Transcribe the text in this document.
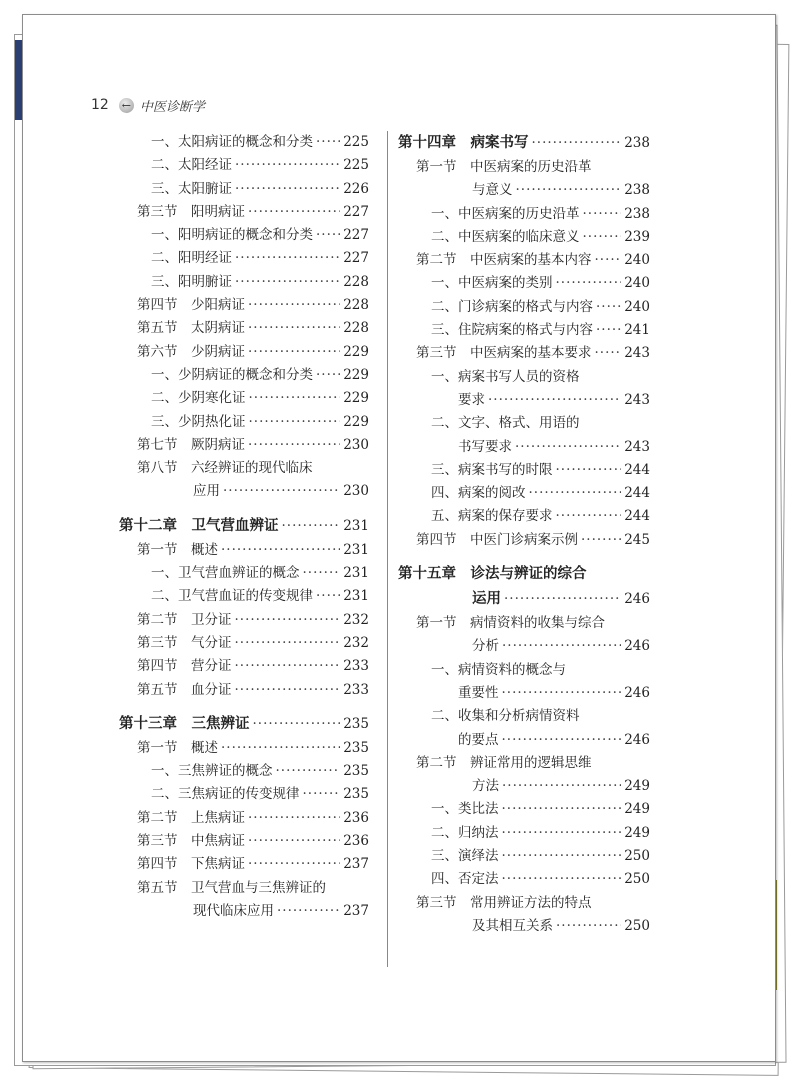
12 ← 中医诊断学
一、太阳病证的概念和分类 ····· 225
二、太阳经证 ·····	225
三、太阳腑证 ·····	226
第三节　阳明病证 ·····	227
一、阳明病证的概念和分类 ····· 227
二、阳明经证 ·····	227
三、阳明腑证 ·····	228
第四节　少阳病证 ·····	228
第五节　太阴病证 ·····	228
第六节　少阴病证 ·····	229
一、少阴病证的概念和分类 ····· 229
二、少阴寒化证 ·····	229
三、少阴热化证 ·····	229
第七节　厥阴病证 ·····	230
第八节　六经辨证的现代临床
应用 ·····	230
第十二章　卫气营血辨证 ·····	231
第一节　概述 ·····	231
一、卫气营血辨证的概念 ·····	231
二、卫气营血证的传变规律 ····· 231
第二节　卫分证 ·····	232
第三节　气分证 ·····	232
第四节　营分证 ·····	233
第五节　血分证 ·····	233
第十三章　三焦辨证 ·····	235
第一节　概述 ·····	235
一、三焦辨证的概念 ·····	235
二、三焦病证的传变规律 ·····	235
第二节　上焦病证 ·····	236
第三节　中焦病证 ·····	236
第四节　下焦病证 ·····	237
第五节　卫气营血与三焦辨证的
现代临床应用 ·····	237
第十四章　病案书写 ·····	238
第一节　中医病案的历史沿革
与意义 ·····	238
一、中医病案的历史沿革 ·····	238
二、中医病案的临床意义 ·····	239
第二节　中医病案的基本内容 ····· 240
一、中医病案的类别 ·····	240
二、门诊病案的格式与内容 ····· 240
三、住院病案的格式与内容 ····· 241
第三节　中医病案的基本要求 ····· 243
一、病案书写人员的资格
要求 ·····	243
二、文字、格式、用语的
书写要求 ·····	243
三、病案书写的时限 ·····	244
四、病案的阅改 ·····	244
五、病案的保存要求 ·····	244
第四节　中医门诊病案示例 ·····	245
第十五章　诊法与辨证的综合
运用 ·····	246
第一节　病情资料的收集与综合
分析 ·····	246
一、病情资料的概念与
重要性 ·····	246
二、收集和分析病情资料
的要点 ·····	246
第二节　辨证常用的逻辑思维
方法 ·····	249
一、类比法 ·····	249
二、归纳法 ·····	249
三、演绎法 ·····	250
四、否定法 ·····	250
第三节　常用辨证方法的特点
及其相互关系 ·····	250
